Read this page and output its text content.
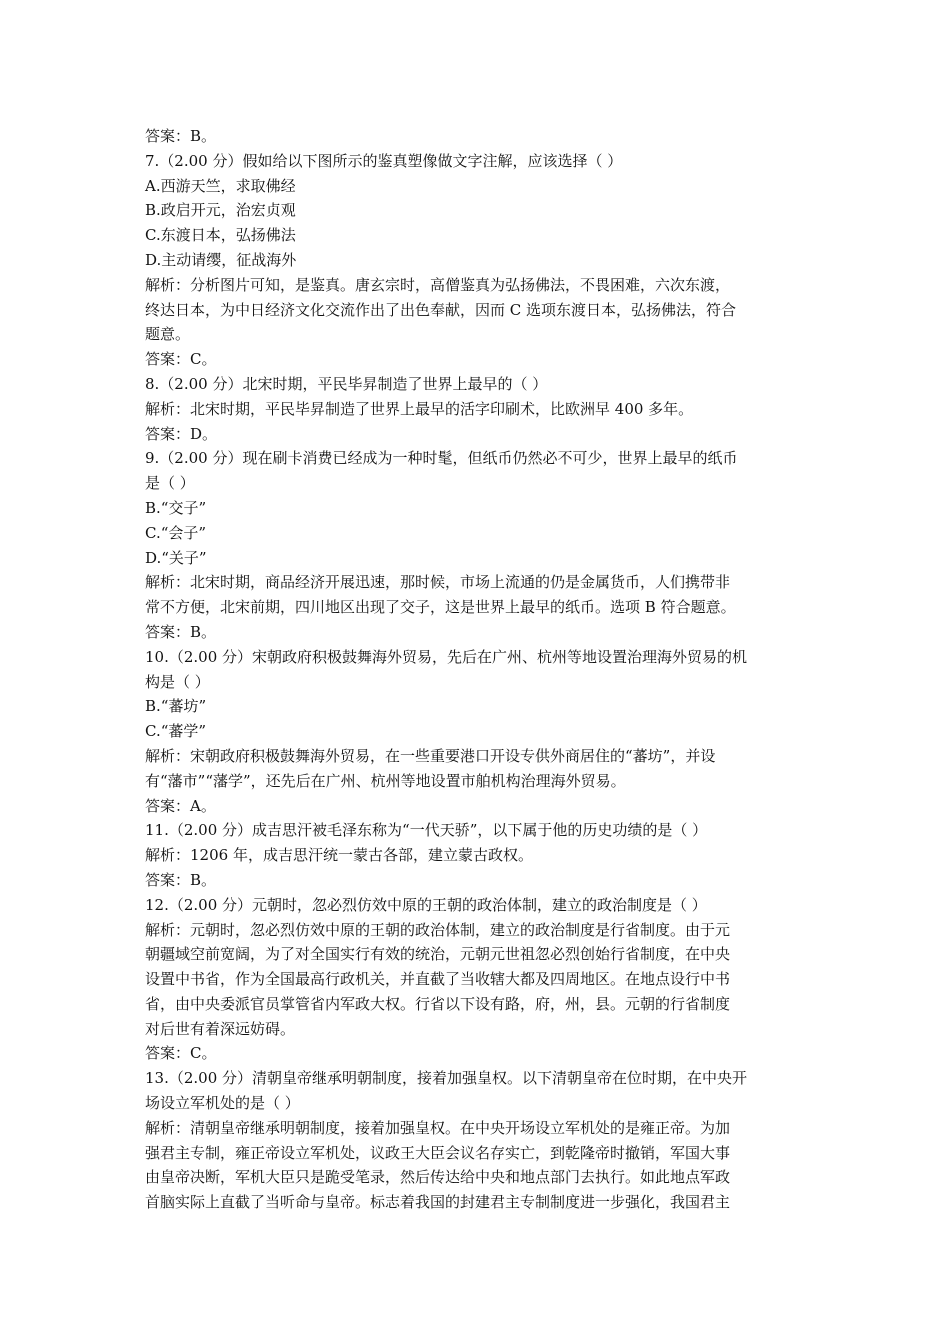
答案：B。

7.（2.00 分）假如给以下图所示的鉴真塑像做文字注解，应该选择（ ）

A.西游天竺，求取佛经

B.政启开元，治宏贞观

C.东渡日本，弘扬佛法

D.主动请缨，征战海外

解析：分析图片可知，是鉴真。唐玄宗时，高僧鉴真为弘扬佛法，不畏困难，六次东渡，

终达日本，为中日经济文化交流作出了出色奉献，因而 C 选项东渡日本，弘扬佛法，符合

题意。

答案：C。

8.（2.00 分）北宋时期，平民毕昇制造了世界上最早的（ ）

解析：北宋时期，平民毕昇制造了世界上最早的活字印刷术，比欧洲早 400 多年。

答案：D。

9.（2.00 分）现在刷卡消费已经成为一种时髦，但纸币仍然必不可少，世界上最早的纸币

是（ ）

B.“交子”

C.“会子”

D.“关子”

解析：北宋时期，商品经济开展迅速，那时候，市场上流通的仍是金属货币，人们携带非

常不方便，北宋前期，四川地区出现了交子，这是世界上最早的纸币。选项 B 符合题意。

答案：B。

10.（2.00 分）宋朝政府积极鼓舞海外贸易，先后在广州、杭州等地设置治理海外贸易的机

构是（ ）

B.“蕃坊”

C.“蕃学”

解析：宋朝政府积极鼓舞海外贸易，在一些重要港口开设专供外商居住的“蕃坊”，并设

有“藩市”“藩学”，还先后在广州、杭州等地设置市舶机构治理海外贸易。

答案：A。

11.（2.00 分）成吉思汗被毛泽东称为“一代天骄”，以下属于他的历史功绩的是（ ）

解析：1206 年，成吉思汗统一蒙古各部，建立蒙古政权。

答案：B。

12.（2.00 分）元朝时，忽必烈仿效中原的王朝的政治体制，建立的政治制度是（ ）

解析：元朝时，忽必烈仿效中原的王朝的政治体制，建立的政治制度是行省制度。由于元

朝疆域空前宽阔，为了对全国实行有效的统治，元朝元世祖忽必烈创始行省制度，在中央

设置中书省，作为全国最高行政机关，并直截了当收辖大都及四周地区。在地点设行中书

省，由中央委派官员掌管省内军政大权。行省以下设有路，府，州，县。元朝的行省制度

对后世有着深远妨碍。

答案：C。

13.（2.00 分）清朝皇帝继承明朝制度，接着加强皇权。以下清朝皇帝在位时期，在中央开

场设立军机处的是（ ）

解析：清朝皇帝继承明朝制度，接着加强皇权。在中央开场设立军机处的是雍正帝。为加

强君主专制，雍正帝设立军机处，议政王大臣会议名存实亡，到乾隆帝时撤销，军国大事

由皇帝决断，军机大臣只是跪受笔录，然后传达给中央和地点部门去执行。如此地点军政

首脑实际上直截了当听命与皇帝。标志着我国的封建君主专制制度进一步强化，我国君主
